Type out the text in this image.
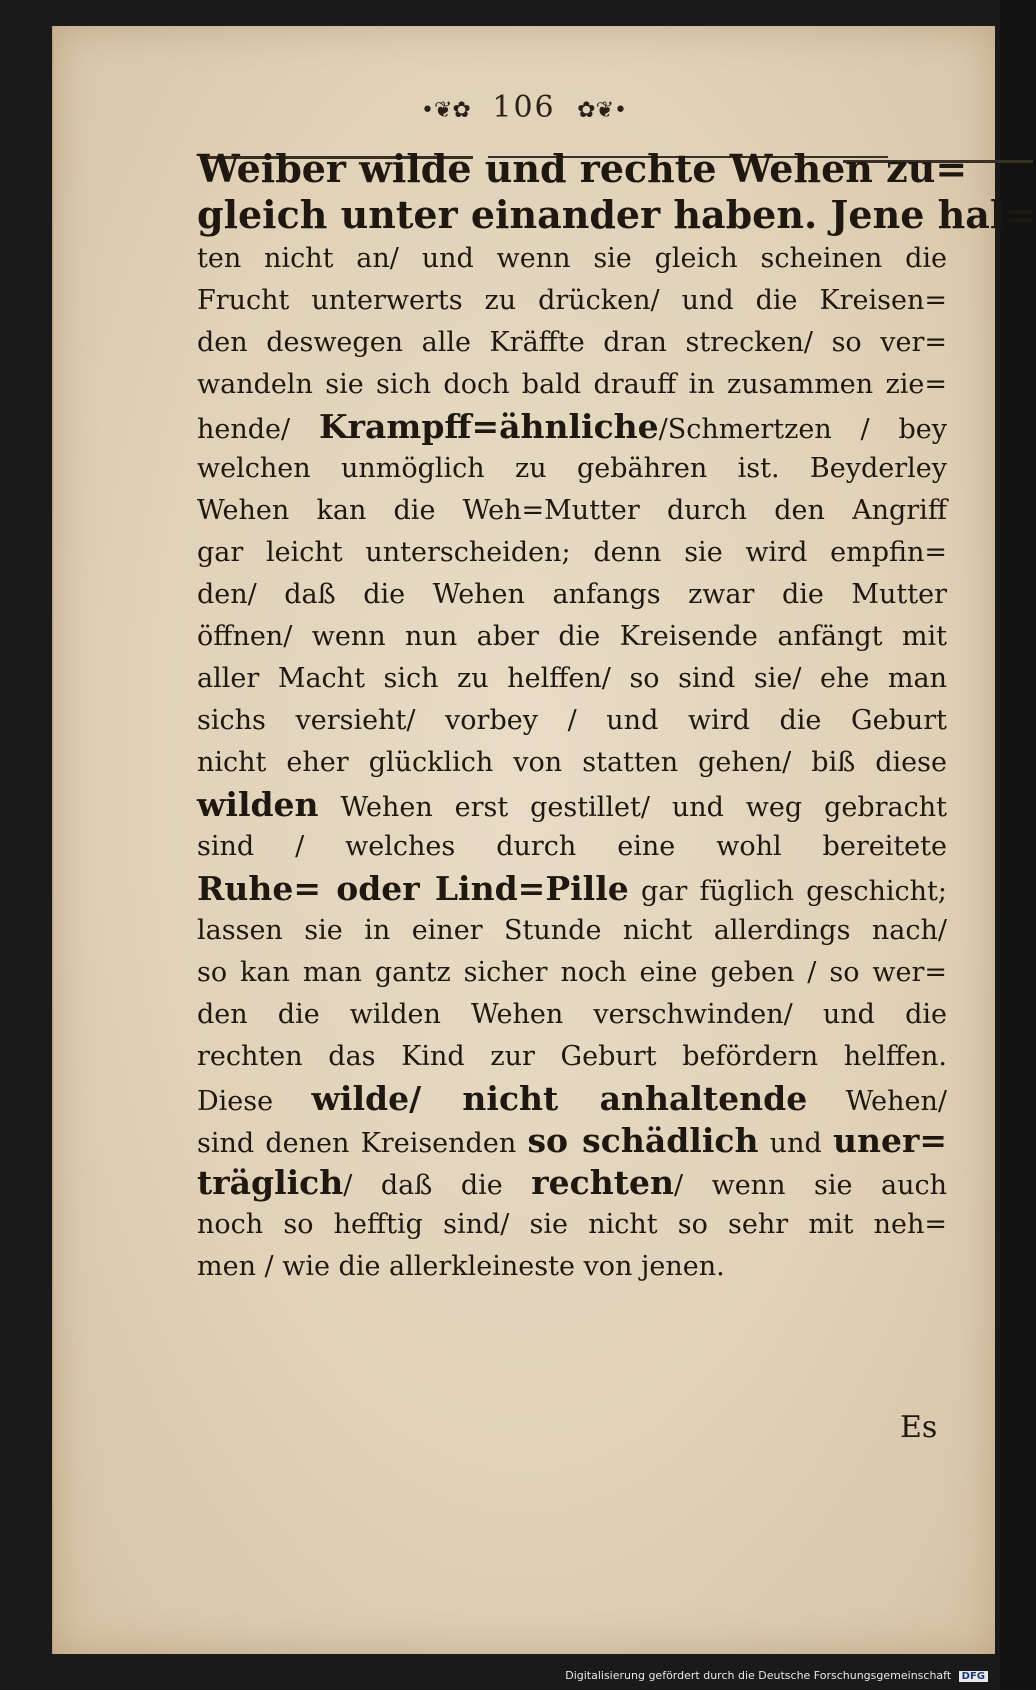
•❦✿ 106 ✿❦•
Weiber wilde und rechte Wehen zu=
gleich unter einander haben. Jene hal=
ten nicht an/ und wenn sie gleich scheinen die
Frucht unterwerts zu drücken/ und die Kreisen=
den deswegen alle Kräffte dran strecken/ so ver=
wandeln sie sich doch bald drauff in zusammen zie=
hende/ Krampff=ähnliche/Schmertzen / bey
welchen unmöglich zu gebähren ist. Beyderley
Wehen kan die Weh=Mutter durch den Angriff
gar leicht unterscheiden; denn sie wird empfin=
den/ daß die Wehen anfangs zwar die Mutter
öffnen/ wenn nun aber die Kreisende anfängt mit
aller Macht sich zu helffen/ so sind sie/ ehe man
sichs versieht/ vorbey / und wird die Geburt
nicht eher glücklich von statten gehen/ biß diese
wilden Wehen erst gestillet/ und weg gebracht
sind / welches durch eine wohl bereitete
Ruhe= oder Lind=Pille gar füglich geschicht;
lassen sie in einer Stunde nicht allerdings nach/
so kan man gantz sicher noch eine geben / so wer=
den die wilden Wehen verschwinden/ und die
rechten das Kind zur Geburt befördern helffen.
Diese wilde/ nicht anhaltende Wehen/
sind denen Kreisenden so schädlich und uner=
träglich/ daß die rechten/ wenn sie auch
noch so hefftig sind/ sie nicht so sehr mit neh=
men / wie die allerkleineste von jenen.
Es
Digitalisierung gefördert durch die Deutsche Forschungsgemeinschaft DFG
